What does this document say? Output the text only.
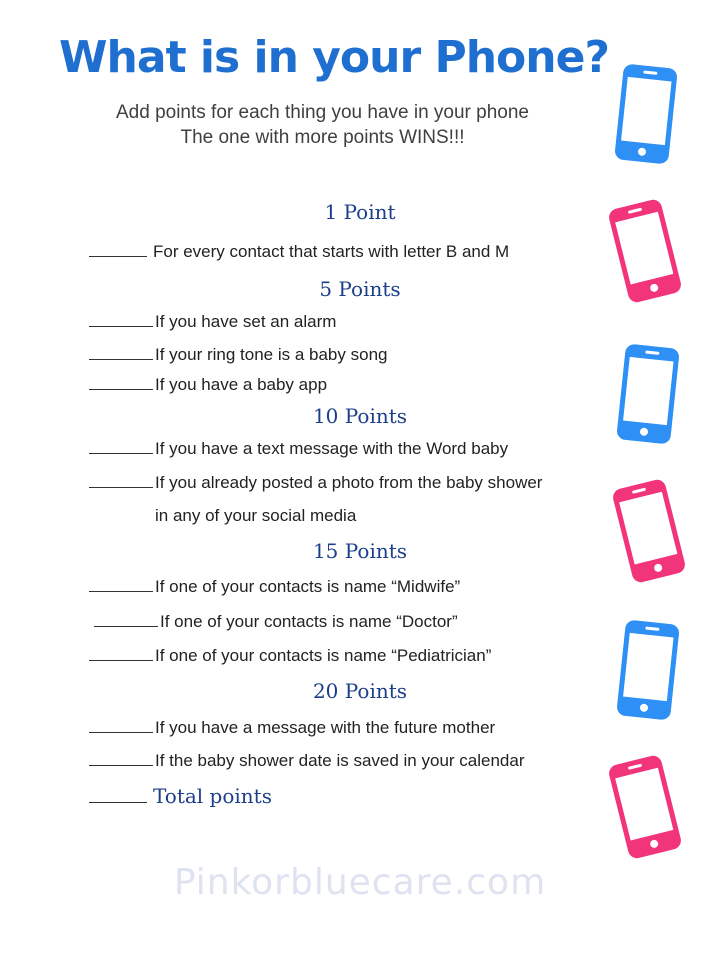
What is in your Phone?
Add points for each thing you have in your phone
The one with more points WINS!!!
1 Point
For every contact that starts with letter B and M
5 Points
If you have set an alarm
If your ring tone is a baby song
If you have a baby app
10 Points
If you have a text message with the Word baby
If you already posted a photo from the baby shower
in any of your social media
15 Points
If one of your contacts is name “Midwife”
If one of your contacts is name “Doctor”
If one of your contacts is name “Pediatrician”
20 Points
If you have a message with the future mother
If the baby shower date is saved in your calendar
Total points
Pinkorbluecare.com
